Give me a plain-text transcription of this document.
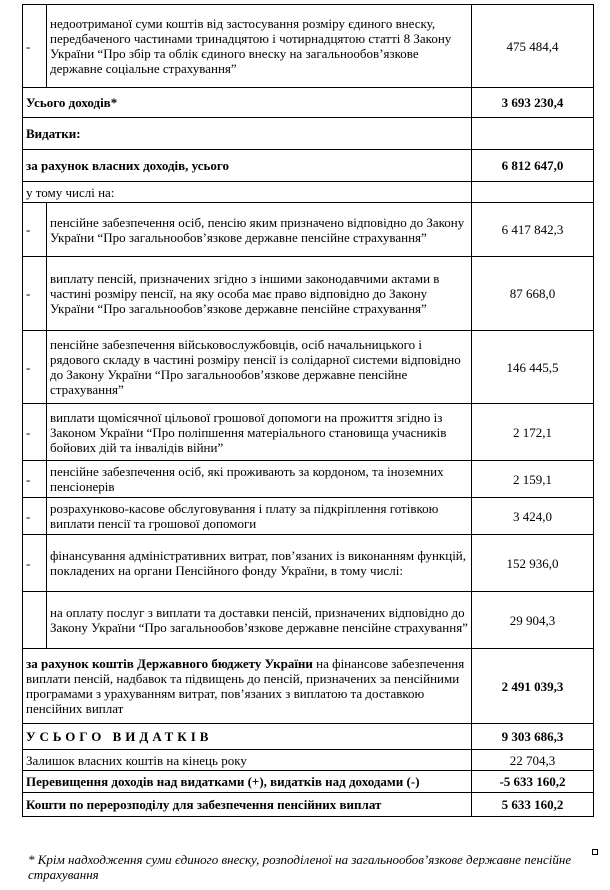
-	недоотриманої суми коштів від застосування розміру єдиного внеску, передбаченого частинами тринадцятою і чотирнадцятою статті 8 Закону України “Про збір та облік єдиного внеску на загальнообов’язкове державне соціальне страхування”	475 484,4
Усього доходів*		3 693 230,4
Видатки:		
за рахунок власних доходів, усього		6 812 647,0
у тому числі на:		
-	пенсійне забезпечення осіб, пенсію яким призначено відповідно до Закону України “Про загальнообов’язкове державне пенсійне страхування”	6 417 842,3
-	виплату пенсій, призначених згідно з іншими законодавчими актами в частині розміру пенсії, на яку особа має право відповідно до Закону України “Про загальнообов’язкове державне пенсійне страхування”	87 668,0
-	пенсійне забезпечення військовослужбовців, осіб начальницького і рядового складу в частині розміру пенсії із солідарної системи відповідно до Закону України “Про загальнообов’язкове державне пенсійне страхування”	146 445,5
-	виплати щомісячної цільової грошової допомоги на прожиття згідно із Законом України “Про поліпшення матеріального становища учасників бойових дій та інвалідів війни”	2 172,1
-	пенсійне забезпечення осіб, які проживають за кордоном, та іноземних пенсіонерів	2 159,1
-	розрахунково-касове обслуговування і плату за підкріплення готівкою виплати пенсії та грошової допомоги	3 424,0
-	фінансування адміністративних витрат, пов’язаних із виконанням функцій, покладених на органи Пенсійного фонду України, в тому числі:	152 936,0
	на оплату послуг з виплати та доставки пенсій, призначених відповідно до Закону України “Про загальнообов’язкове державне пенсійне страхування”	29 904,3
за рахунок коштів Державного бюджету України на фінансове забезпечення виплати пенсій, надбавок та підвищень до пенсій, призначених за пенсійними програмами з урахуванням витрат, пов’язаних з виплатою та доставкою пенсійних виплат		2 491 039,3
УСЬОГО ВИДАТКІВ		9 303 686,3
Залишок власних коштів на кінець року		22 704,3
Перевищення доходів над видатками (+), видатків над доходами (-)		-5 633 160,2
Кошти по перерозподілу для забезпечення пенсійних виплат		5 633 160,2
* Крім надходження суми єдиного внеску, розподіленої на загальнообов’язкове державне пенсійне страхування
